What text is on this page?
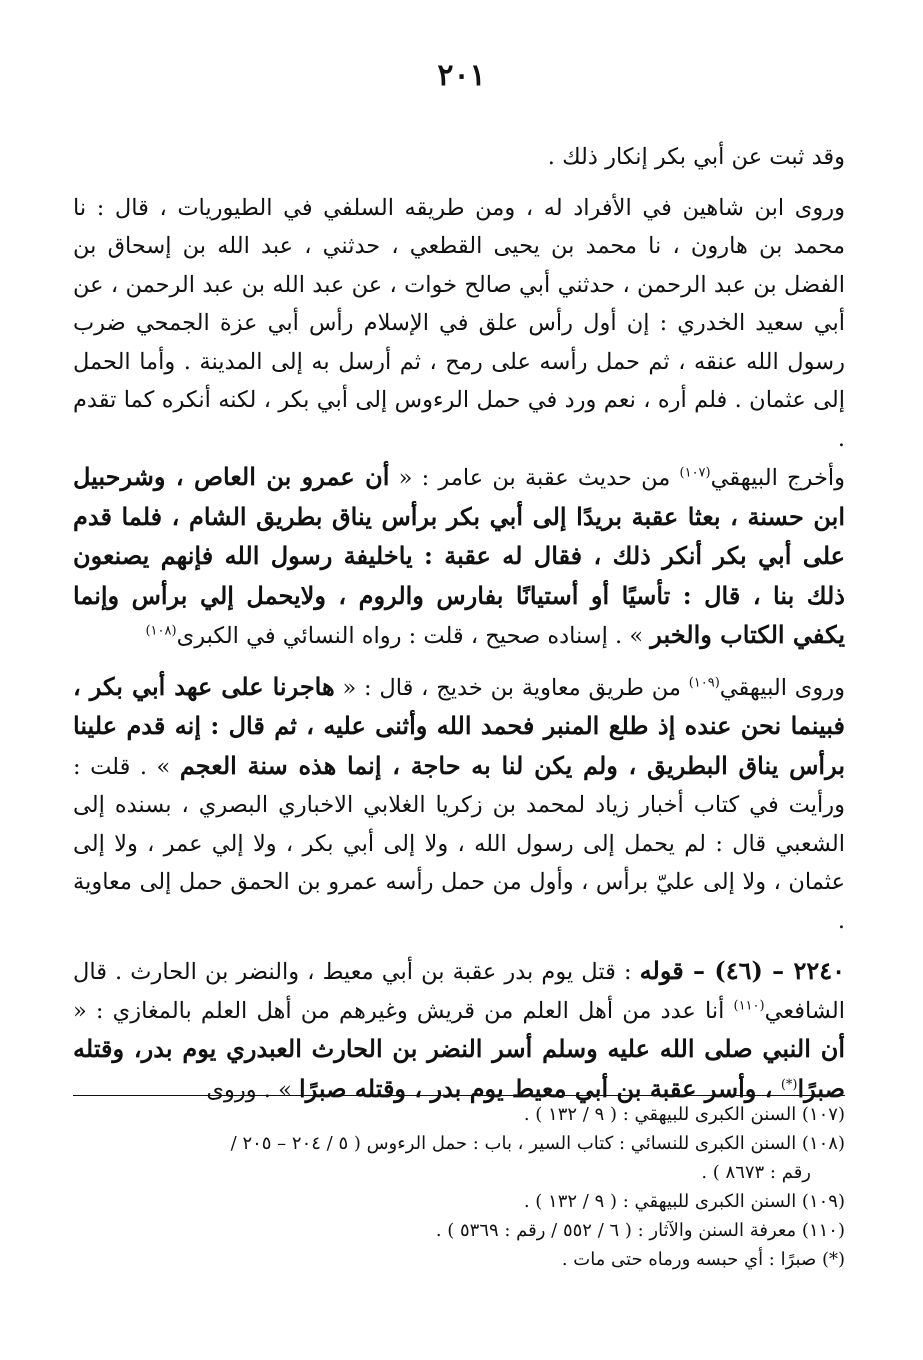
٢٠١

وقد ثبت عن أبي بكر إنكار ذلك .

وروى ابن شاهين في الأفراد له ، ومن طريقه السلفي في الطيوريات ، قال : نا محمد بن هارون ، نا محمد بن يحيى القطعي ، حدثني ، عبد الله بن إسحاق بن الفضل بن عبد الرحمن ، حدثني أبي صالح خوات ، عن عبد الله بن عبد الرحمن ، عن أبي سعيد الخدري : إن أول رأس علق في الإسلام رأس أبي عزة الجمحي ضرب رسول الله عنقه ، ثم حمل رأسه على رمح ، ثم أرسل به إلى المدينة . وأما الحمل إلى عثمان . فلم أره ، نعم ورد في حمل الرءوس إلى أبي بكر ، لكنه أنكره كما تقدم .

وأخرج البيهقي$^{(١٠٧)}$ من حديث عقبة بن عامر : « أن عمرو بن العاص ، وشرحبيل ابن حسنة ، بعثا عقبة بريدًا إلى أبي بكر برأس يناق بطريق الشام ، فلما قدم على أبي بكر أنكر ذلك ، فقال له عقبة : ياخليفة رسول الله فإنهم يصنعون ذلك بنا ، قال : تأسيًا أو أستيانًا بفارس والروم ، ولايحمل إلي برأس وإنما يكفي الكتاب والخبر » . إسناده صحيح ، قلت : رواه النسائي في الكبرى$^{(١٠٨)}$

وروى البيهقي$^{(١٠٩)}$ من طريق معاوية بن خديج ، قال : « هاجرنا على عهد أبي بكر ، فبينما نحن عنده إذ طلع المنبر فحمد الله وأثنى عليه ، ثم قال : إنه قدم علينا برأس يناق البطريق ، ولم يكن لنا به حاجة ، إنما هذه سنة العجم » . قلت : ورأيت في كتاب أخبار زياد لمحمد بن زكريا الغلابي الاخباري البصري ، بسنده إلى الشعبي قال : لم يحمل إلى رسول الله ، ولا إلى أبي بكر ، ولا إلي عمر ، ولا إلى عثمان ، ولا إلى عليّ برأس ، وأول من حمل رأسه عمرو بن الحمق حمل إلى معاوية .

٢٢٤٠ – (٤٦) – قوله : قتل يوم بدر عقبة بن أبي معيط ، والنضر بن الحارث . قال الشافعي$^{(١١٠)}$ أنا عدد من أهل العلم من قريش وغيرهم من أهل العلم بالمغازي : « أن النبي صلى الله عليه وسلم أسر النضر بن الحارث العبدري يوم بدر، وقتله صبرًا(*) ، وأسر عقبة بن أبي معيط يوم بدر ، وقتله صبرًا » . وروى

(١٠٧) السنن الكبرى للبيهقي : ( ٩ / ١٣٢ ) .

(١٠٨) السنن الكبرى للنسائي : كتاب السير ، باب : حمل الرءوس ( ٥ / ٢٠٤ – ٢٠٥ /

رقم : ٨٦٧٣ ) .

(١٠٩) السنن الكبرى للبيهقي : ( ٩ / ١٣٢ ) .

(١١٠) معرفة السنن والآثار : ( ٦ / ٥٥٢ / رقم : ٥٣٦٩ ) .

(*) صبرًا : أي حبسه ورماه حتى مات .
